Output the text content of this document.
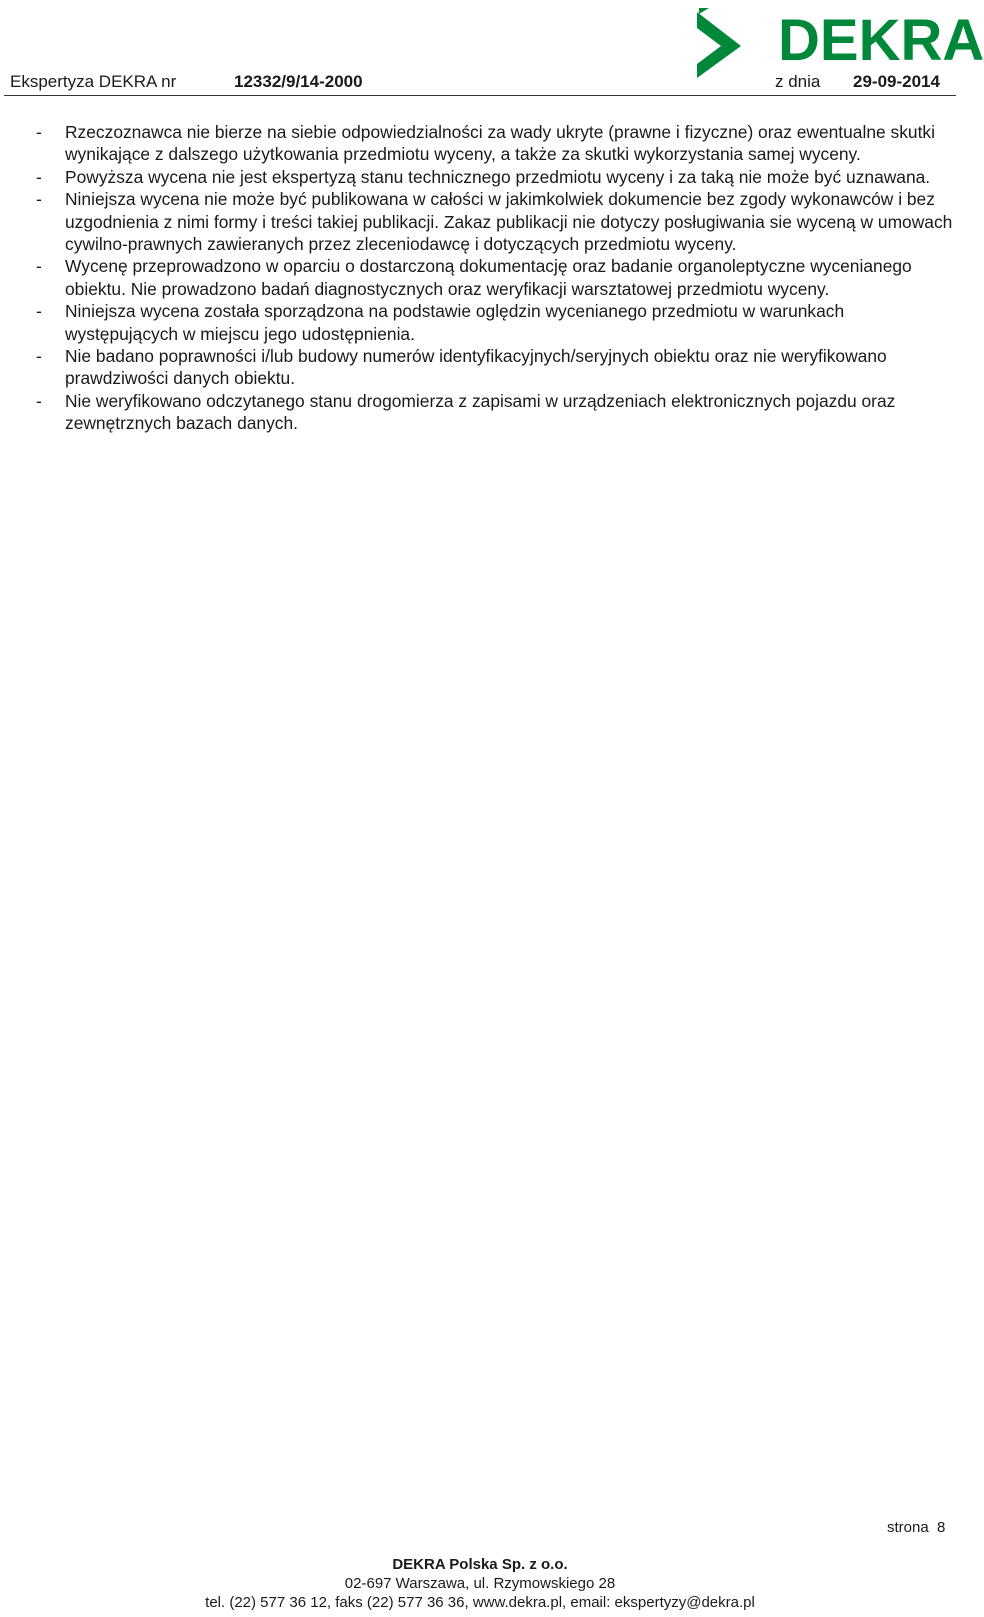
DEKRA
Ekspertyza DEKRA nr	12332/9/14-2000	z dnia 29-09-2014
- Rzeczoznawca nie bierze na siebie odpowiedzialności za wady ukryte (prawne i fizyczne) oraz ewentualne skutki wynikające z dalszego użytkowania przedmiotu wyceny, a także za skutki wykorzystania samej wyceny.
- Powyższa wycena nie jest ekspertyzą stanu technicznego przedmiotu wyceny i za taką nie może być uznawana.
- Niniejsza wycena nie może być publikowana w całości w jakimkolwiek dokumencie bez zgody wykonawców i bez uzgodnienia z nimi formy i treści takiej publikacji. Zakaz publikacji nie dotyczy posługiwania sie wyceną w umowach cywilno-prawnych zawieranych przez zleceniodawcę i dotyczących przedmiotu wyceny.
- Wycenę przeprowadzono w oparciu o dostarczoną dokumentację oraz badanie organoleptyczne wycenianego obiektu. Nie prowadzono badań diagnostycznych oraz weryfikacji warsztatowej przedmiotu wyceny.
- Niniejsza wycena została sporządzona na podstawie oględzin wycenianego przedmiotu w warunkach występujących w miejscu jego udostępnienia.
- Nie badano poprawności i/lub budowy numerów identyfikacyjnych/seryjnych obiektu oraz nie weryfikowano prawdziwości danych obiektu.
- Nie weryfikowano odczytanego stanu drogomierza z zapisami w urządzeniach elektronicznych pojazdu oraz zewnętrznych bazach danych.
strona 8
DEKRA Polska Sp. z o.o.
02-697 Warszawa, ul. Rzymowskiego 28
tel. (22) 577 36 12, faks (22) 577 36 36, www.dekra.pl, email: ekspertyzy@dekra.pl
